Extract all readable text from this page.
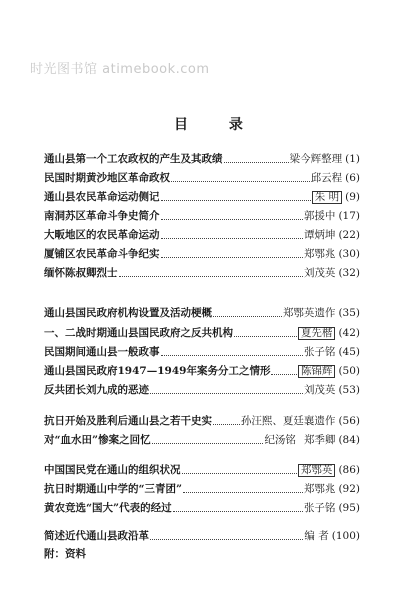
时光图书馆 atimebook.com
目 录
通山县第一个工农政权的产生及其政绩	梁今辉整理 (1)
民国时期黄沙地区革命政权	邱云程 (6)
通山县农民革命运动侧记	朱 明 (9)
南洞苏区革命斗争史简介	郭援中 (17)
大畈地区的农民革命运动	谭炳坤 (22)
厦铺区农民革命斗争纪实	郑鄂兆 (30)
缅怀陈叔卿烈士	刘茂英 (32)
通山县国民政府机构设置及活动梗概	郑鄂英遗作 (35)
一、二战时期通山县国民政府之反共机构	夏先楷 (42)
民国期间通山县一般政事	张子铭 (45)
通山县国民政府1947—1949年案务分工之情形	陈锦辉 (50)
反共团长刘九成的恶迹	刘茂英 (53)
抗日开始及胜利后通山县之若干史实	孙汪熙、夏廷襄遗作 (56)
对“血水田”惨案之回忆	纪汤铭 郑季卿 (84)
中国国民党在通山的组织状况	郑鄂英 (86)
抗日时期通山中学的“三青团”	郑鄂兆 (92)
黄农竞选“国大”代表的经过	张子铭 (95)
简述近代通山县政沿革	编 者 (100)
附：资料
